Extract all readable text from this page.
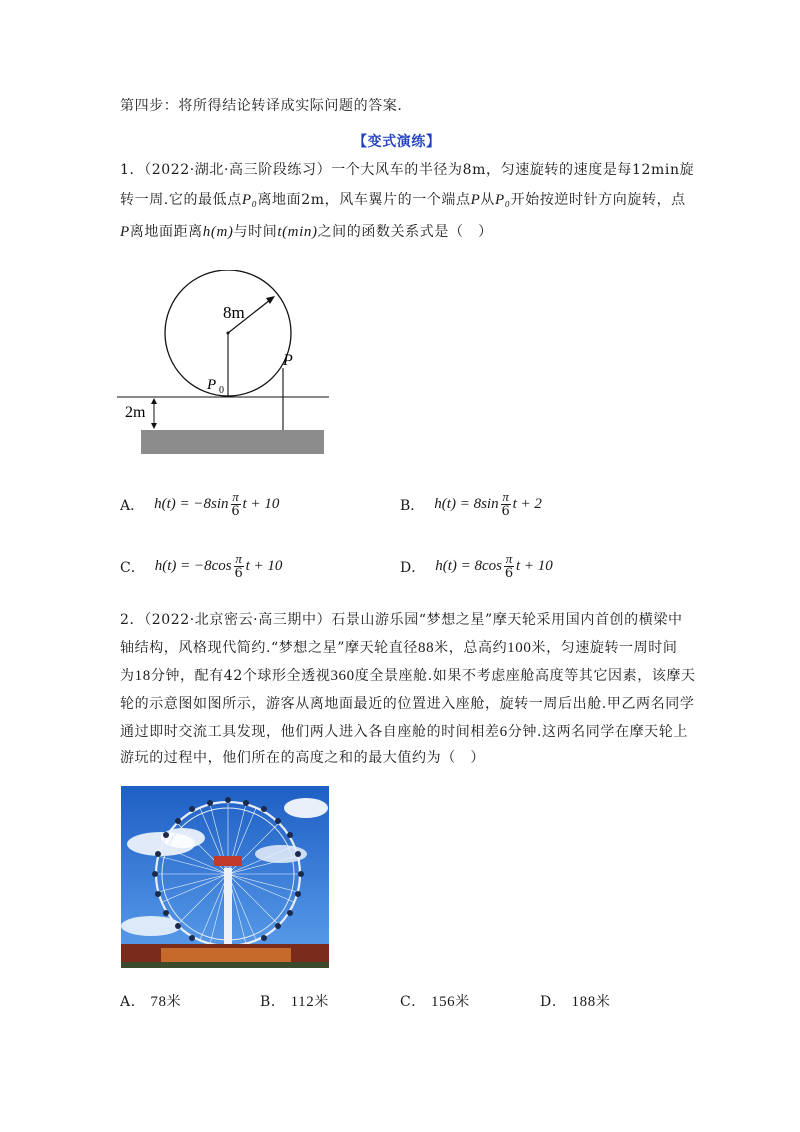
第四步：将所得结论转译成实际问题的答案.
【变式演练】
1．（2022·湖北·高三阶段练习）一个大风车的半径为8m，匀速旋转的速度是每12min旋
转一周.它的最低点P₀离地面2m，风车翼片的一个端点P从P₀开始按逆时针方向旋转，点
P离地面距离h(m)与时间t(min)之间的函数关系式是（　）
8m
P
P 0
2m
A． $h(t) = -8\sin \frac{\pi}{6}$ t + 10	B． $h(t) = 8\sin \frac{\pi}{6}$ t + 2
C． $h(t) = -8\cos \frac{\pi}{6}$ t + 10	D． $h(t) = 8\cos \frac{\pi}{6}$ t + 10
2．（2022·北京密云·高三期中）石景山游乐园“梦想之星”摩天轮采用国内首创的横梁中
轴结构，风格现代简约.“梦想之星”摩天轮直径88米，总高约100米，匀速旋转一周时间
为18分钟，配有42个球形全透视360度全景座舱.如果不考虑座舱高度等其它因素，该摩天
轮的示意图如图所示，游客从离地面最近的位置进入座舱，旋转一周后出舱.甲乙两名同学
通过即时交流工具发现，他们两人进入各自座舱的时间相差6分钟.这两名同学在摩天轮上
游玩的过程中，他们所在的高度之和的最大值约为（　）
A． 78米	B． 112米	C． 156米	D． 188米
